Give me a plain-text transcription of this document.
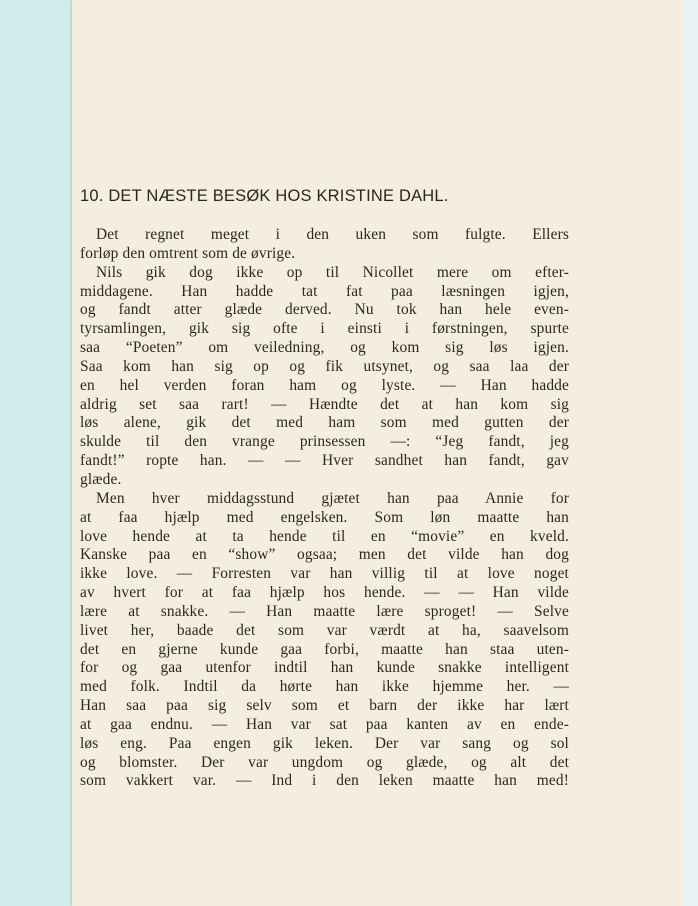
10. DET NÆSTE BESØK HOS KRISTINE DAHL.
Det regnet meget i den uken som fulgte. Ellers
forløp den omtrent som de øvrige.
Nils gik dog ikke op til Nicollet mere om efter-
middagene. Han hadde tat fat paa læsningen igjen,
og fandt atter glæde derved. Nu tok han hele even-
tyrsamlingen, gik sig ofte i einsti i førstningen, spurte
saa “Poeten” om veiledning, og kom sig løs igjen.
Saa kom han sig op og fik utsynet, og saa laa der
en hel verden foran ham og lyste. — Han hadde
aldrig set saa rart! — Hændte det at han kom sig
løs alene, gik det med ham som med gutten der
skulde til den vrange prinsessen —: “Jeg fandt, jeg
fandt!” ropte han. — — Hver sandhet han fandt, gav
glæde.
Men hver middagsstund gjætet han paa Annie for
at faa hjælp med engelsken. Som løn maatte han
love hende at ta hende til en “movie” en kveld.
Kanske paa en “show” ogsaa; men det vilde han dog
ikke love. — Forresten var han villig til at love noget
av hvert for at faa hjælp hos hende. — — Han vilde
lære at snakke. — Han maatte lære sproget! — Selve
livet her, baade det som var værdt at ha, saavelsom
det en gjerne kunde gaa forbi, maatte han staa uten-
for og gaa utenfor indtil han kunde snakke intelligent
med folk. Indtil da hørte han ikke hjemme her. —
Han saa paa sig selv som et barn der ikke har lært
at gaa endnu. — Han var sat paa kanten av en ende-
løs eng. Paa engen gik leken. Der var sang og sol
og blomster. Der var ungdom og glæde, og alt det
som vakkert var. — Ind i den leken maatte han med!
